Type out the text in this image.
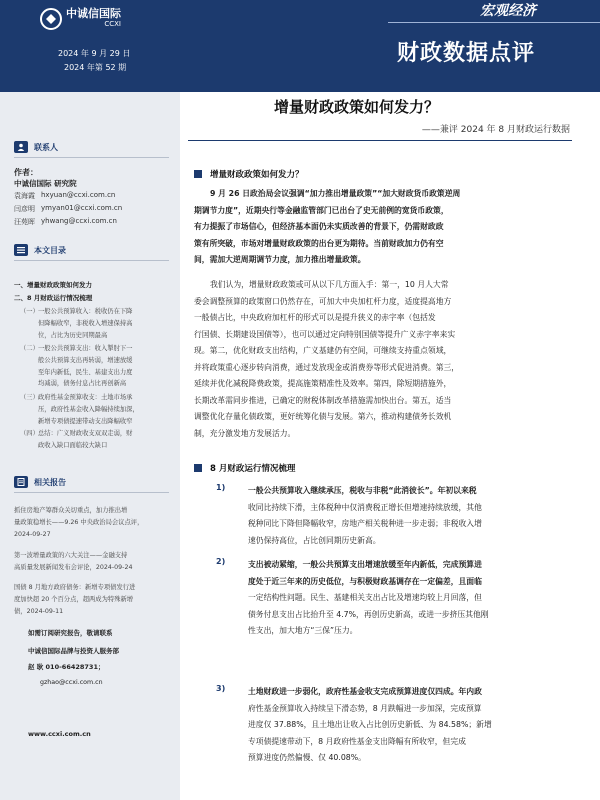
中诚信国际
CCXI
2024 年 9 月 29 日
2024 年第 52 期
宏观经济
财政数据点评
联系人
作者：
中诚信国际 研究院
袁海霞 hxyuan@ccxi.com.cn
闫彦明 ymyan01@ccxi.com.cn
汪苑晖 yhwang@ccxi.com.cn
本文目录
一、增量财政政策如何发力
二、8 月财政运行情况梳理
（一） 一般公共预算收入：税收仍在下降
但降幅收窄，非税收入增速保持高
位，占比为历史同期最高
（二） 一般公共预算支出：收入掣肘下一
般公共预算支出再转弱，增速放缓
至年内新低，民生、基建支出力度
均减弱，债务付息占比再创新高
（三） 政府性基金预算收支：土地市场承
压，政府性基金收入降幅持续加深，
新增专项债提速带动支出降幅收窄
（四） 总结：广义财政收支双双走弱，财
政收入缺口面临较大缺口
相关报告
抓住房地产筹群众关切重点，加力推出增
量政策稳增长——9.26 中央政治局会议点评，
2024-09-27
第一波增量政策的六大关注——金融支持
高质量发展新闻发布会评论，2024-09-24
国债 8 月地方政府债务：新增专项债发行进
度加快超 20 个百分点，超两成为特殊新增
债，2024-09-11
如需订阅研究报告，敬请联系
中诚信国际品牌与投资人服务部
赵 耿 010-66428731；
gzhao@ccxi.com.cn
www.ccxi.com.cn
增量财政政策如何发力？
——兼评 2024 年 8 月财政运行数据
增量财政政策如何发力？
9 月 26 日政治局会议强调“加力推出增量政策”“加大财政货币政策逆周
期调节力度”，近期央行等金融监管部门已出台了史无前例的宽货币政策，
有力提振了市场信心，但经济基本面仍未实质改善的背景下，仍需财政政
策有所突破，市场对增量财政政策的出台更为期待。当前财政加力仍有空
间，需加大逆周期调节力度，加力推出增量政策。
我们认为，增量财政政策或可从以下几方面入手：第一，10 月人大常
委会调整预算的政策窗口仍然存在，可加大中央加杠杆力度，适度提高地方
一般债占比，中央政府加杠杆的形式可以是提升狭义的赤字率（包括发
行国债、长期建设国债等），也可以通过定向特别国债等提升广义赤字率来实
现。第二，优化财政支出结构，广义基建仍有空间，可继续支持重点领域，
并将政策重心逐步转向消费，通过发放现金或消费券等形式促进消费。第三，
延续并优化减税降费政策，提高施策精准性及效率。第四，除短期措施外，
长期改革需同步推进，已确定的财税体制改革措施需加快出台。第五，适当
调整优化存量化债政策，更好统筹化债与发展。第六，推动构建债务长效机
制，充分激发地方发展活力。
8 月财政运行情况梳理
1)	一般公共预算收入继续承压，税收与非税“此消彼长”。年初以来税
收同比持续下滑，主体税种中仅消费税正增长但增速持续放缓，其他
税种同比下降但降幅收窄，房地产相关税种进一步走弱；非税收入增
速仍保持高位，占比创同期历史新高。
2)	支出被动紧缩，一般公共预算支出增速放缓至年内新低，完成预算进
度处于近三年来的历史低位，与积极财政基调存在一定偏差，且面临
一定结构性问题。民生、基建相关支出占比及增速均较上月回落，但
债务付息支出占比抬升至 4.7%，再创历史新高，或进一步挤压其他刚
性支出，加大地方“三保”压力。
3)	土地财政进一步弱化，政府性基金收支完成预算进度仅四成。年内政
府性基金预算收入持续呈下滑态势，8 月跌幅进一步加深，完成预算
进度仅 37.88%，且土地出让收入占比创历史新低、为 84.58%；新增
专项债提速带动下，8 月政府性基金支出降幅有所收窄，但完成
预算进度仍然偏慢、仅 40.08%。
